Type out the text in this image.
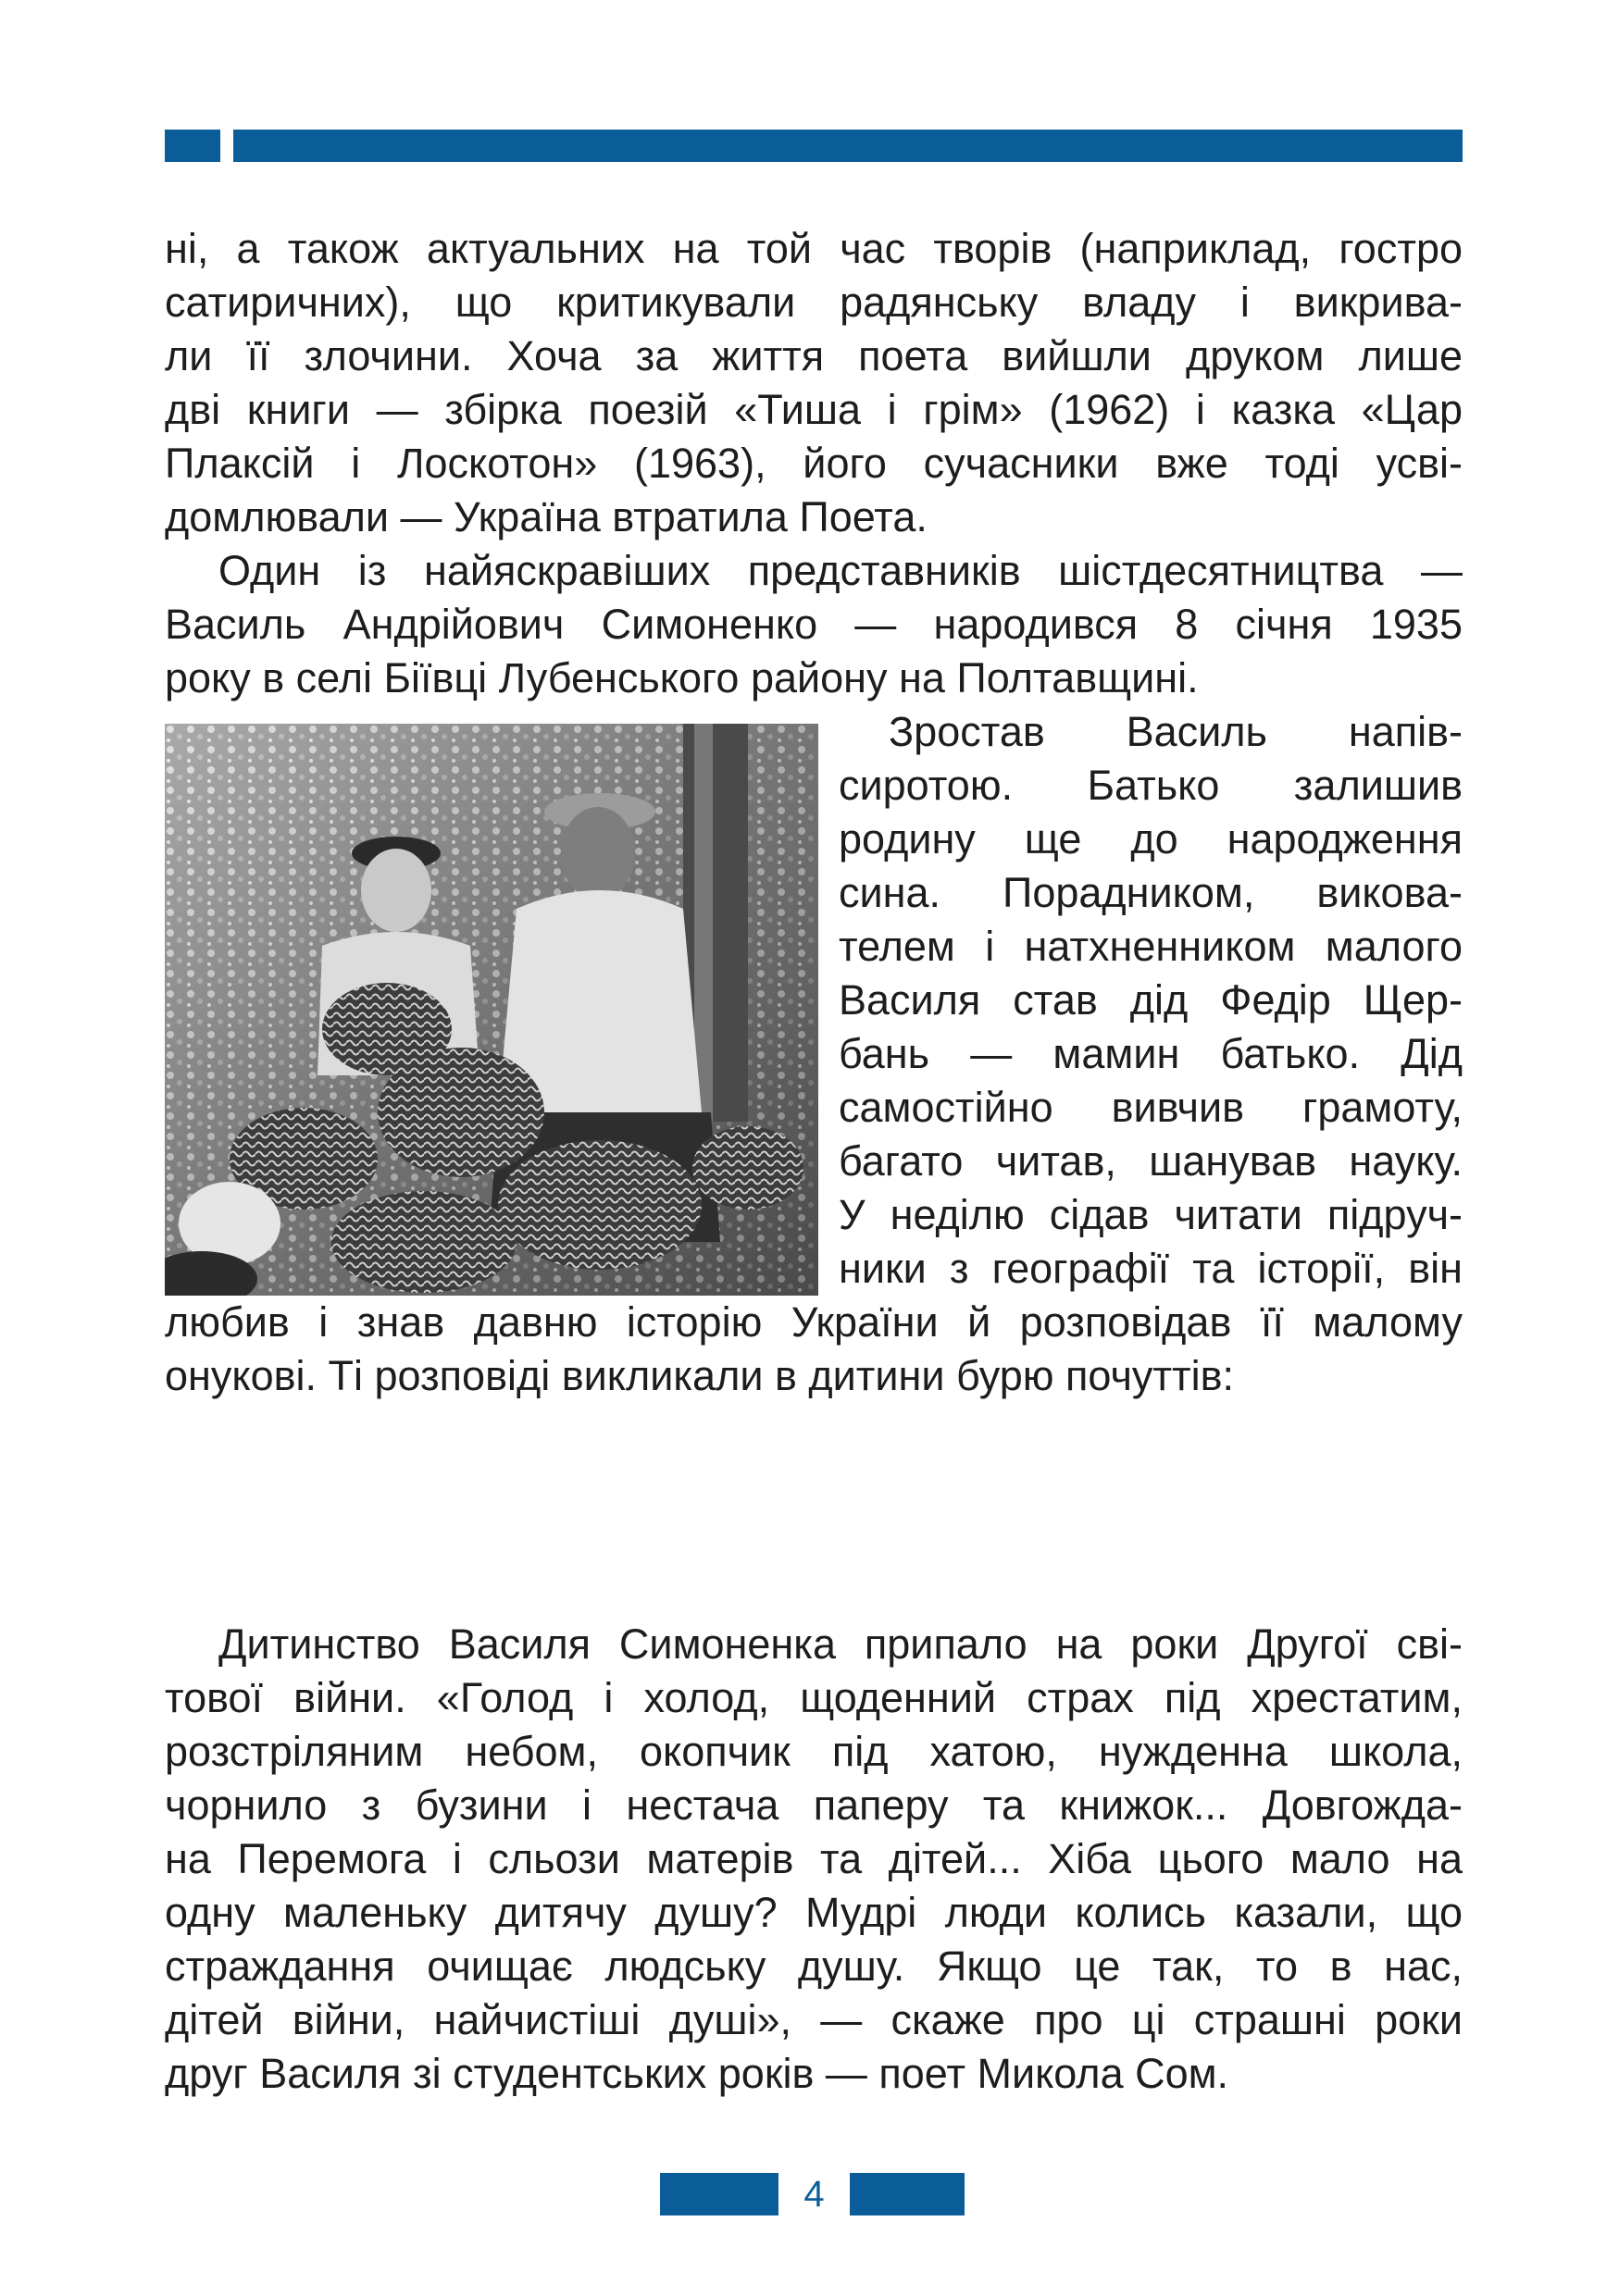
ні, а також актуальних на той час творів (наприклад, гостро
сатиричних), що критикували радянську владу і викрива-
ли її злочини. Хоча за життя поета вийшли друком лише
дві книги — збірка поезій «Тиша і грім» (1962) і казка «Цар
Плаксій і Лоскотон» (1963), його сучасники вже тоді усві-
домлювали — Україна втратила Поета.
Один із найяскравіших представників шістдесятництва —
Василь Андрійович Симоненко — народився 8 січня 1935
року в селі Біївці Лубенського району на Полтавщині.
Зростав Василь напів-
сиротою. Батько залишив
родину ще до народження
сина. Порадником, викова-
телем і натхненником малого
Василя став дід Федір Щер-
бань — мамин батько. Дід
самостійно вивчив грамоту,
багато читав, шанував науку.
У неділю сідав читати підруч-
ники з географії та історії, він
любив і знав давню історію України й розповідав її малому
онукові. Ті розповіді викликали в дитини бурю почуттів:
Дитинство Василя Симоненка припало на роки Другої сві-
тової війни. «Голод і холод, щоденний страх під хрестатим,
розстріляним небом, окопчик під хатою, нужденна школа,
чорнило з бузини і нестача паперу та книжок... Довгожда-
на Перемога і сльози матерів та дітей... Хіба цього мало на
одну маленьку дитячу душу? Мудрі люди колись казали, що
страждання очищає людську душу. Якщо це так, то в нас,
дітей війни, найчистіші душі», — скаже про ці страшні роки
друг Василя зі студентських років — поет Микола Сом.
4
